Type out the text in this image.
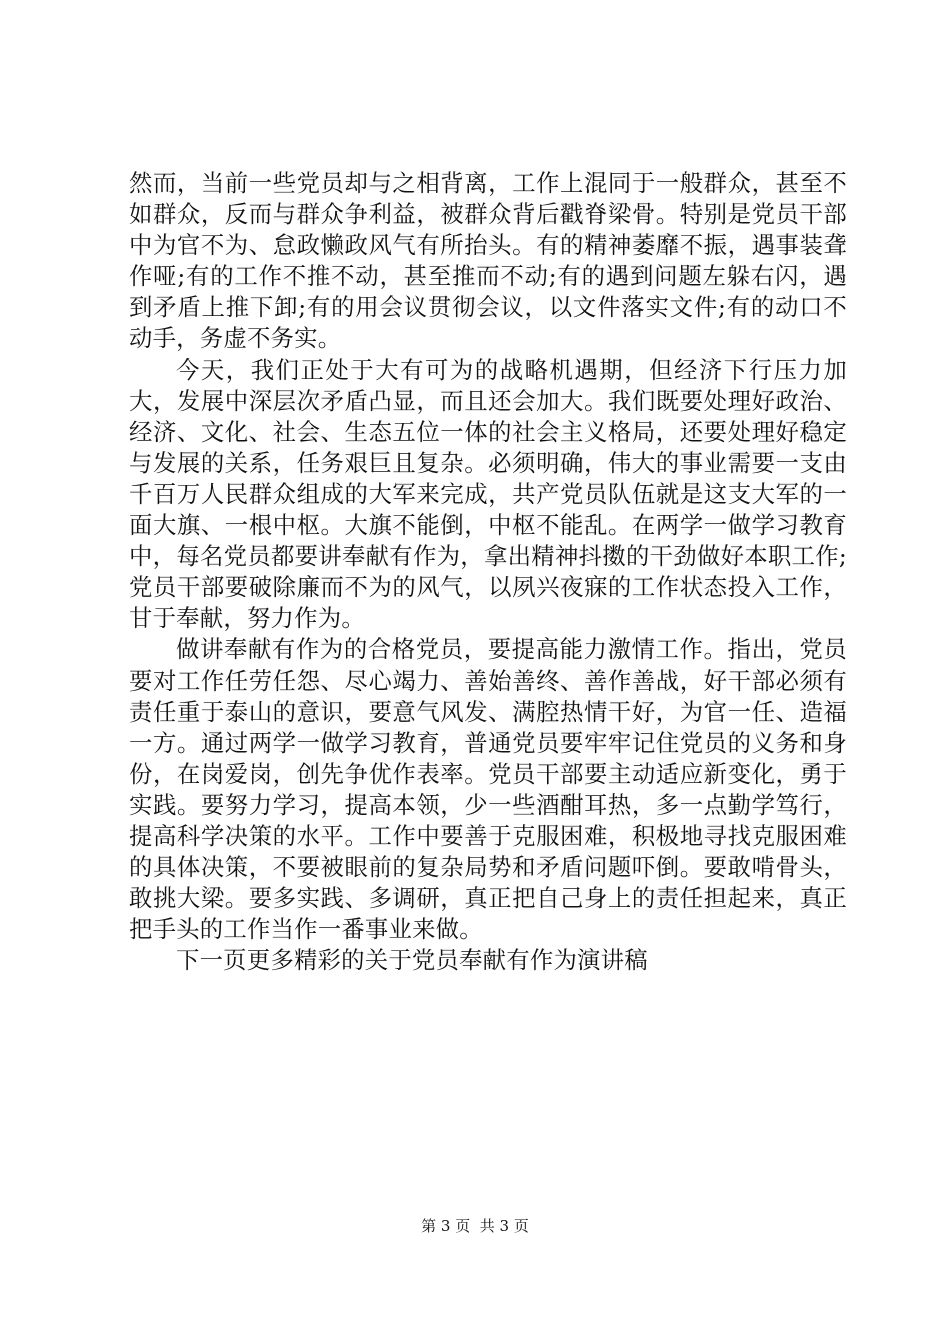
然而，当前一些党员却与之相背离，工作上混同于一般群众，甚至不如群众，反而与群众争利益，被群众背后戳脊梁骨。特别是党员干部中为官不为、怠政懒政风气有所抬头。有的精神萎靡不振，遇事装聋作哑;有的工作不推不动，甚至推而不动;有的遇到问题左躲右闪，遇到矛盾上推下卸;有的用会议贯彻会议，以文件落实文件;有的动口不动手，务虚不务实。

今天，我们正处于大有可为的战略机遇期，但经济下行压力加大，发展中深层次矛盾凸显，而且还会加大。我们既要处理好政治、经济、文化、社会、生态五位一体的社会主义格局，还要处理好稳定与发展的关系，任务艰巨且复杂。必须明确，伟大的事业需要一支由千百万人民群众组成的大军来完成，共产党员队伍就是这支大军的一面大旗、一根中枢。大旗不能倒，中枢不能乱。在两学一做学习教育中，每名党员都要讲奉献有作为，拿出精神抖擞的干劲做好本职工作;党员干部要破除廉而不为的风气，以夙兴夜寐的工作状态投入工作，甘于奉献，努力作为。

做讲奉献有作为的合格党员，要提高能力激情工作。指出，党员要对工作任劳任怨、尽心竭力、善始善终、善作善战，好干部必须有责任重于泰山的意识，要意气风发、满腔热情干好，为官一任、造福一方。通过两学一做学习教育，普通党员要牢牢记住党员的义务和身份，在岗爱岗，创先争优作表率。党员干部要主动适应新变化，勇于实践。要努力学习，提高本领，少一些酒酣耳热，多一点勤学笃行，提高科学决策的水平。工作中要善于克服困难，积极地寻找克服困难的具体决策，不要被眼前的复杂局势和矛盾问题吓倒。要敢啃骨头，敢挑大梁。要多实践、多调研，真正把自己身上的责任担起来，真正把手头的工作当作一番事业来做。

下一页更多精彩的关于党员奉献有作为演讲稿

第 3 页 共 3 页
